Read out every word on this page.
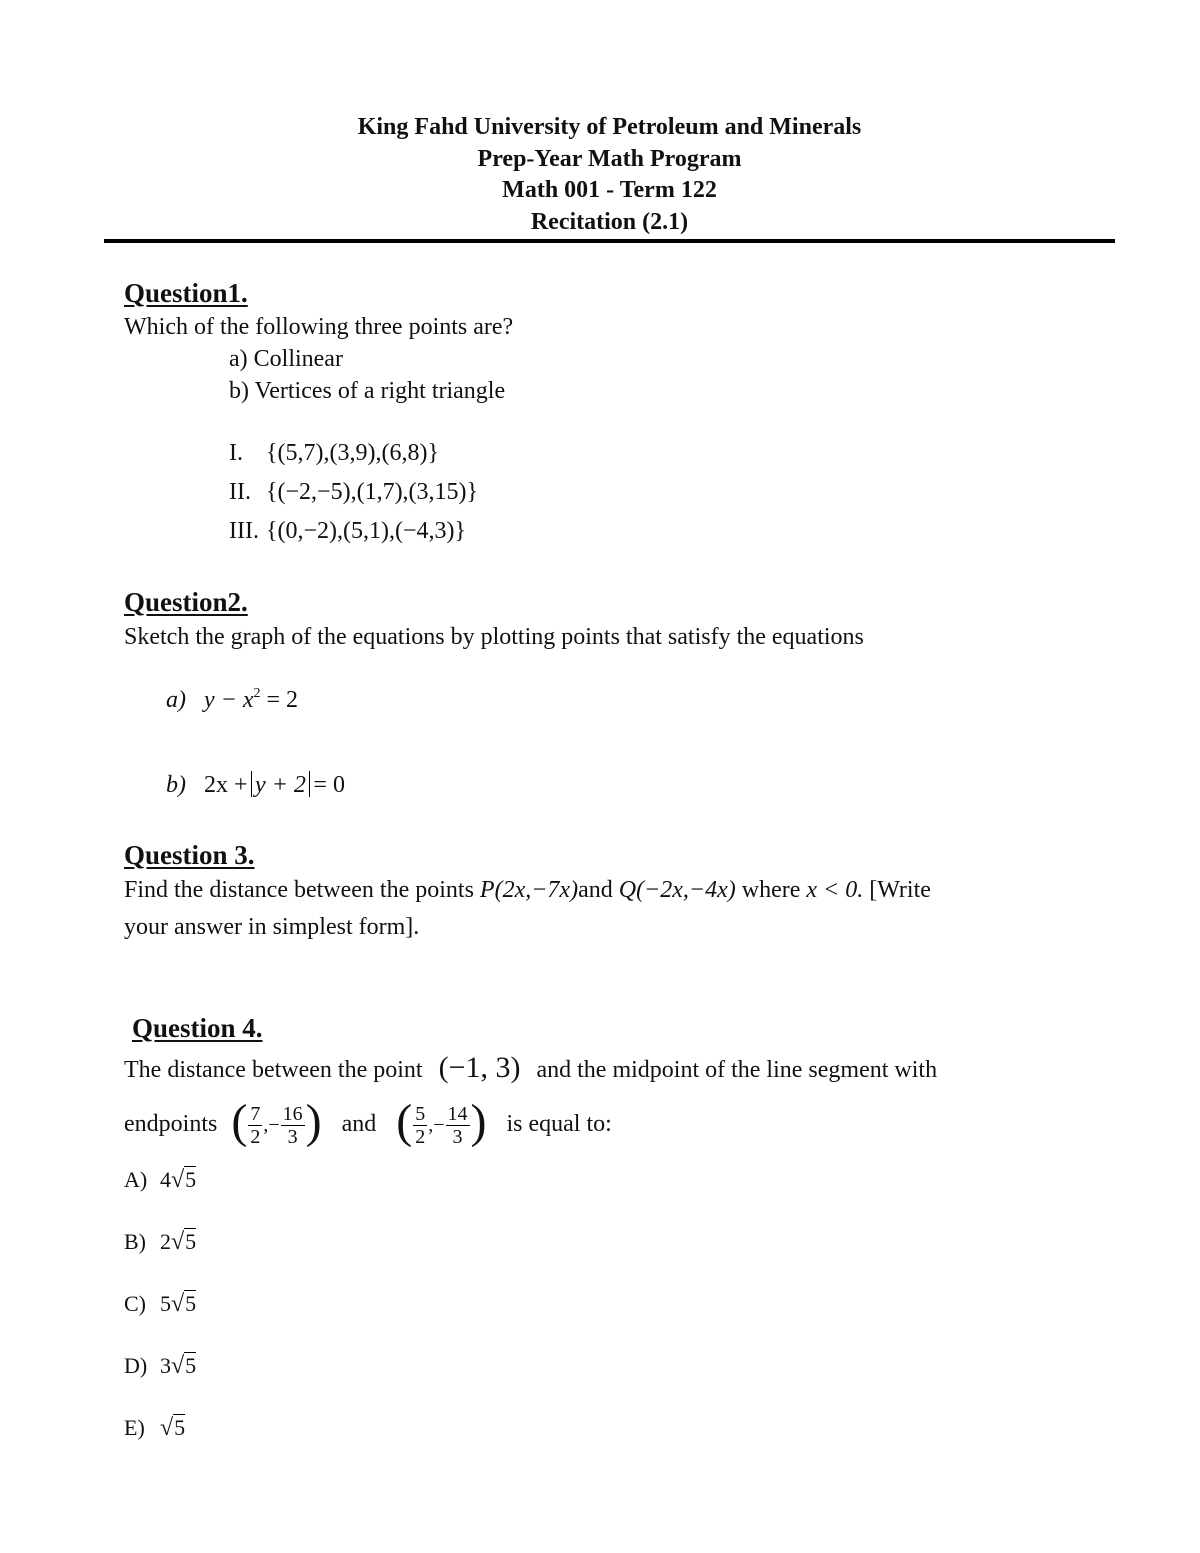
King Fahd University of Petroleum and Minerals
Prep-Year Math Program
Math 001 - Term 122
Recitation (2.1)
Question1.
Which of the following three points are?
a) Collinear
b) Vertices of a right triangle
I. {(5,7),(3,9),(6,8)}
II. {(−2,−5),(1,7),(3,15)}
III. {(0,−2),(5,1),(−4,3)}
Question2.
Sketch the graph of the equations by plotting points that satisfy the equations
a) $y - x^2 = 2$
b) 2x + y + 2 = 0
Question 3.
Find the distance between the points P(2x,−7x)and Q(−2x,−4x) where x < 0. [Write
your answer in simplest form].
Question 4.
The distance between the point (−1, 3) and the midpoint of the line segment with
endpoints ( $\frac{7}{2}$ ,− $\frac{16}{3}$ ) and ( $\frac{5}{2}$ ,− $\frac{14}{3}$ ) is equal to:
A) 4√5
B) 2√5
C) 5√5
D) 3√5
E) √5
